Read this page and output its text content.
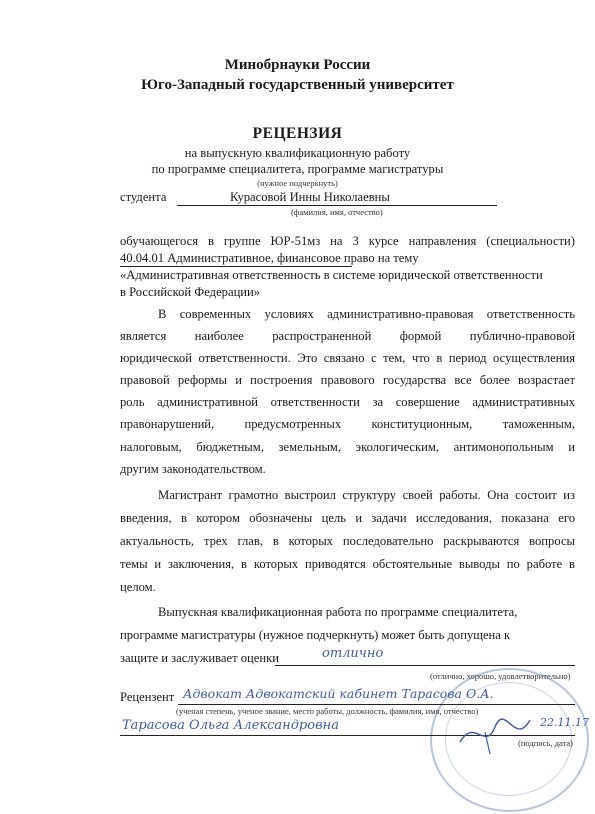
Минобрнауки России
Юго-Западный государственный университет
РЕЦЕНЗИЯ
на выпускную квалификационную работу
по программе специалитета, программе магистратуры
(нужное подчеркнуть)
студента	Курасовой Инны Николаевны
(фамилия, имя, отчество)
обучающегося в группе ЮР-51мз на 3 курсе направления (специальности)
40.04.01 Административное, финансовое право на тему
«Административная ответственность в системе юридической ответственности
в Российской Федерации»
В современных условиях административно-правовая ответственность
является наиболее распространенной формой публично-правовой
юридической ответственности. Это связано с тем, что в период осуществления
правовой реформы и построения правового государства все более возрастает
роль административной ответственности за совершение административных
правонарушений, предусмотренных конституционным, таможенным,
налоговым, бюджетным, земельным, экологическим, антимонопольным и
другим законодательством.
Магистрант грамотно выстроил структуру своей работы. Она состоит из
введения, в котором обозначены цель и задачи исследования, показана его
актуальность, трех глав, в которых последовательно раскрываются вопросы
темы и заключения, в которых приводятся обстоятельные выводы по работе в
целом.
Выпускная квалификационная работа по программе специалитета,
программе магистратуры (нужное подчеркнуть) может быть допущена к
защите и заслуживает оценки	отлично
(отлично, хорошо, удовлетворительно)
Рецензент Адвокат Адвокатский кабинет Тарасова О.А.
(ученая степень, ученое звание, место работы, должность, фамилия, имя, отчество)
Тарасова Ольга Александровна	22.11.17
(подпись, дата)
